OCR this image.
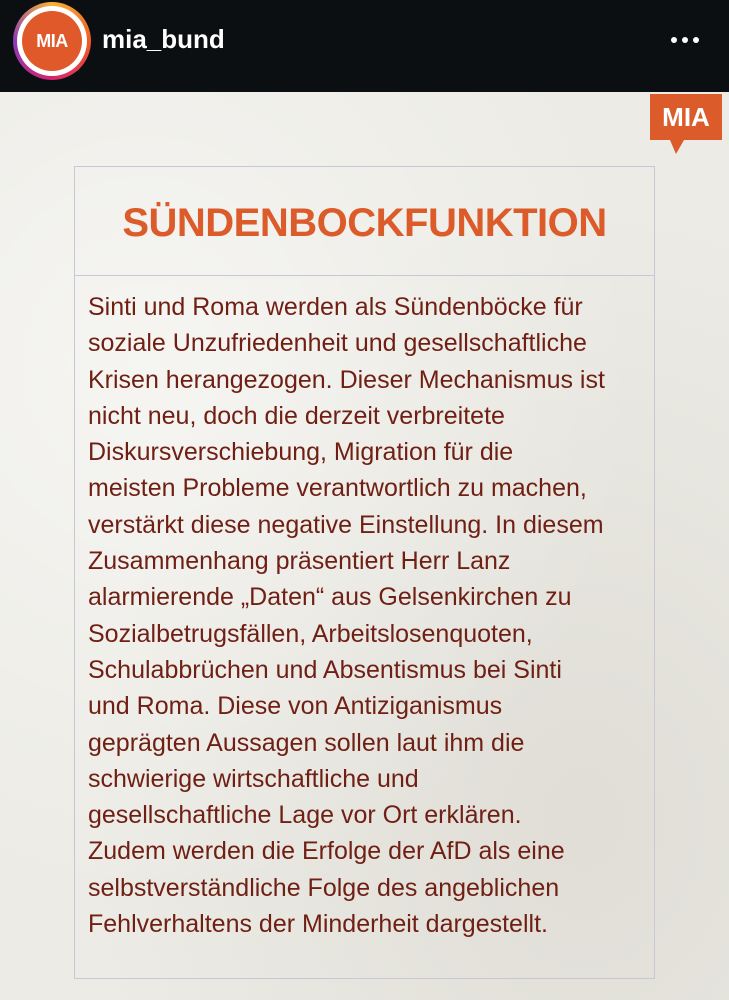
MIA mia_bund
MIA
SÜNDENBOCKFUNKTION
Sinti und Roma werden als Sündenböcke für
soziale Unzufriedenheit und gesellschaftliche
Krisen herangezogen. Dieser Mechanismus ist
nicht neu, doch die derzeit verbreitete
Diskursverschiebung, Migration für die
meisten Probleme verantwortlich zu machen,
verstärkt diese negative Einstellung. In diesem
Zusammenhang präsentiert Herr Lanz
alarmierende „Daten“ aus Gelsenkirchen zu
Sozialbetrugsfällen, Arbeitslosenquoten,
Schulabbrüchen und Absentismus bei Sinti
und Roma. Diese von Antiziganismus
geprägten Aussagen sollen laut ihm die
schwierige wirtschaftliche und
gesellschaftliche Lage vor Ort erklären.
Zudem werden die Erfolge der AfD als eine
selbstverständliche Folge des angeblichen
Fehlverhaltens der Minderheit dargestellt.
